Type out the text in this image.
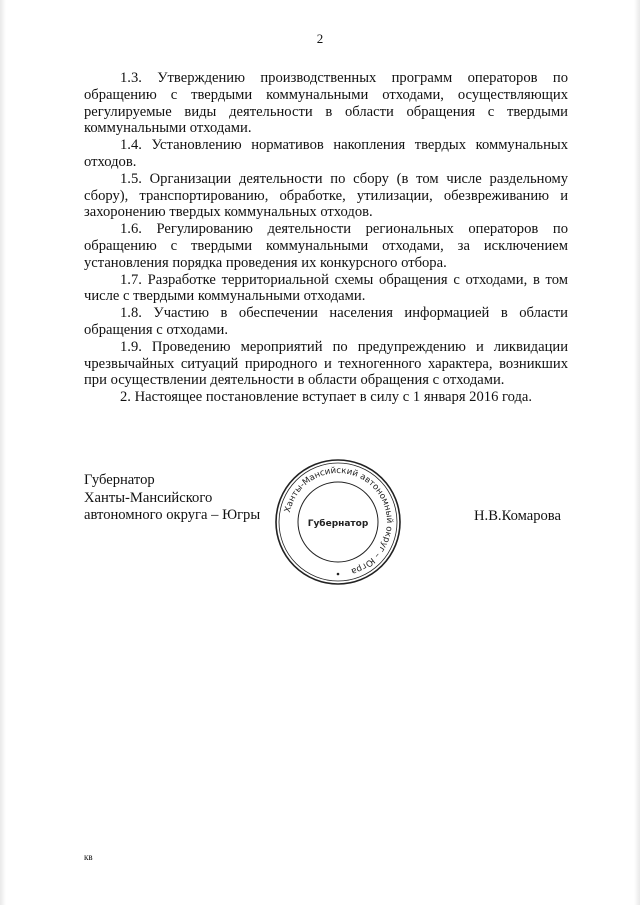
2

1.3. Утверждению производственных программ операторов по обращению с твердыми коммунальными отходами, осуществляющих регулируемые виды деятельности в области обращения с твердыми коммунальными отходами.

1.4. Установлению нормативов накопления твердых коммунальных отходов.

1.5. Организации деятельности по сбору (в том числе раздельному сбору), транспортированию, обработке, утилизации, обезвреживанию и захоронению твердых коммунальных отходов.

1.6. Регулированию деятельности региональных операторов по обращению с твердыми коммунальными отходами, за исключением установления порядка проведения их конкурсного отбора.

1.7. Разработке территориальной схемы обращения с отходами, в том числе с твердыми коммунальными отходами.

1.8. Участию в обеспечении населения информацией в области обращения с отходами.

1.9. Проведению мероприятий по предупреждению и ликвидации чрезвычайных ситуаций природного и техногенного характера, возникших при осуществлении деятельности в области обращения с отходами.

2. Настоящее постановление вступает в силу с 1 января 2016 года.

Губернатор
Ханты-Мансийского
автономного округа – Югры	Ханты-Мансийский автономный округ – Югра
Губернатор	Н.В.Комарова
кв
